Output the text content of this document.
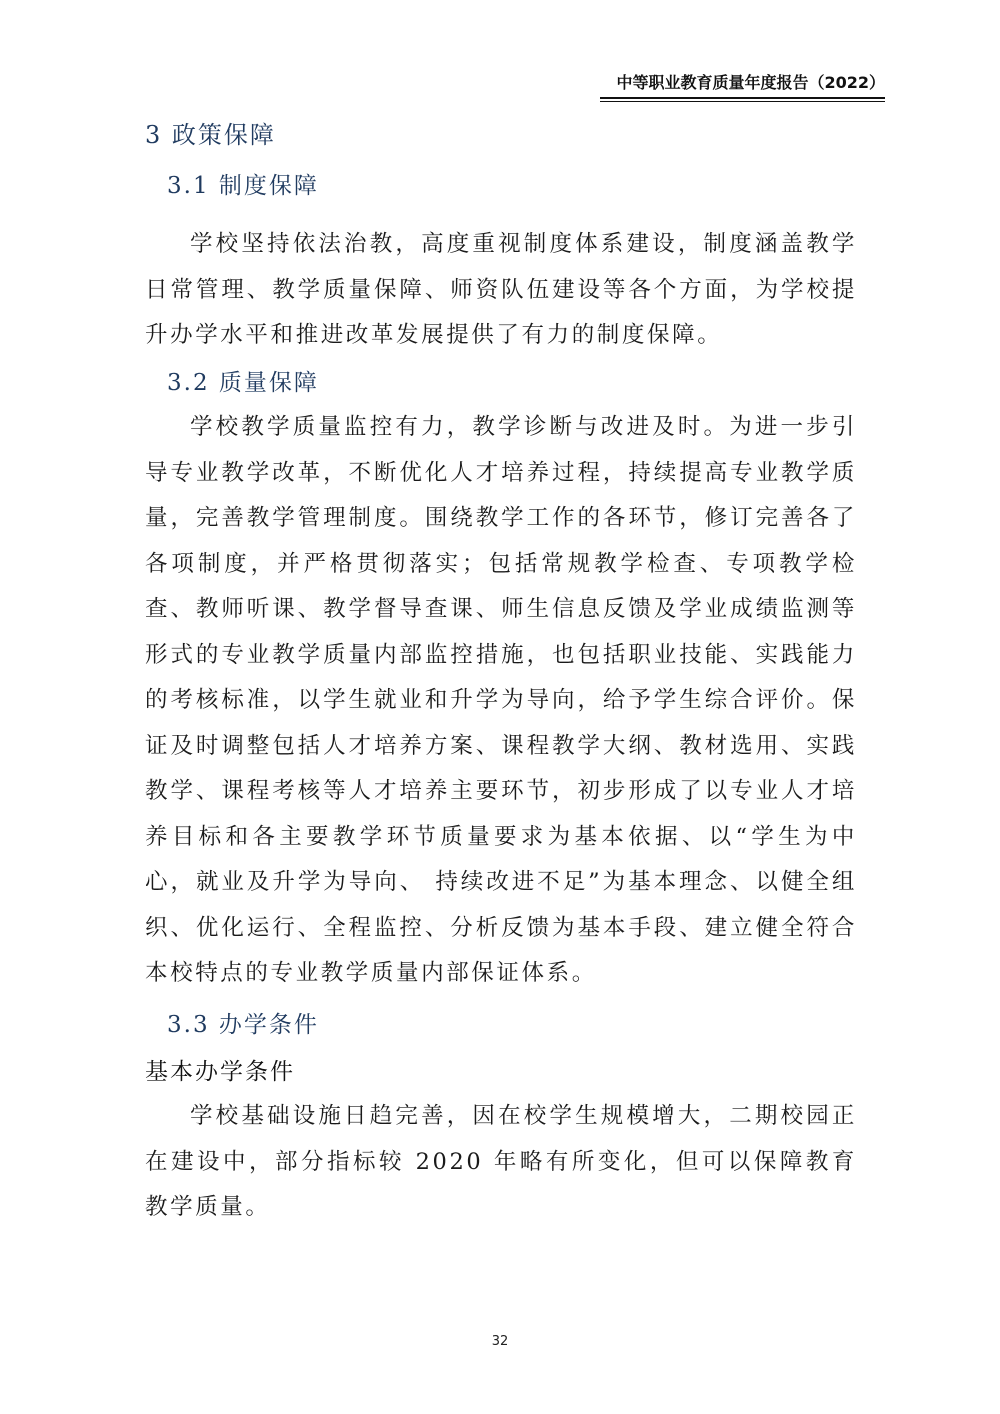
中等职业教育质量年度报告（2022）
3 政策保障
3.1 制度保障

学校坚持依法治教，高度重视制度体系建设，制度涵盖教学日常管理、教学质量保障、师资队伍建设等各个方面，为学校提升办学水平和推进改革发展提供了有力的制度保障。

3.2 质量保障

学校教学质量监控有力，教学诊断与改进及时。为进一步引导专业教学改革，不断优化人才培养过程，持续提高专业教学质量，完善教学管理制度。围绕教学工作的各环节，修订完善各了各项制度，并严格贯彻落实；包括常规教学检查、专项教学检查、教师听课、教学督导查课、师生信息反馈及学业成绩监测等形式的专业教学质量内部监控措施，也包括职业技能、实践能力的考核标准，以学生就业和升学为导向，给予学生综合评价。保证及时调整包括人才培养方案、课程教学大纲、教材选用、实践教学、课程考核等人才培养主要环节，初步形成了以专业人才培养目标和各主要教学环节质量要求为基本依据、以“学生为中心，就业及升学为导向、 持续改进不足”为基本理念、以健全组织、优化运行、全程监控、分析反馈为基本手段、建立健全符合本校特点的专业教学质量内部保证体系。

3.3 办学条件
基本办学条件

学校基础设施日趋完善，因在校学生规模增大，二期校园正在建设中，部分指标较 2020 年略有所变化，但可以保障教育教学质量。

32
